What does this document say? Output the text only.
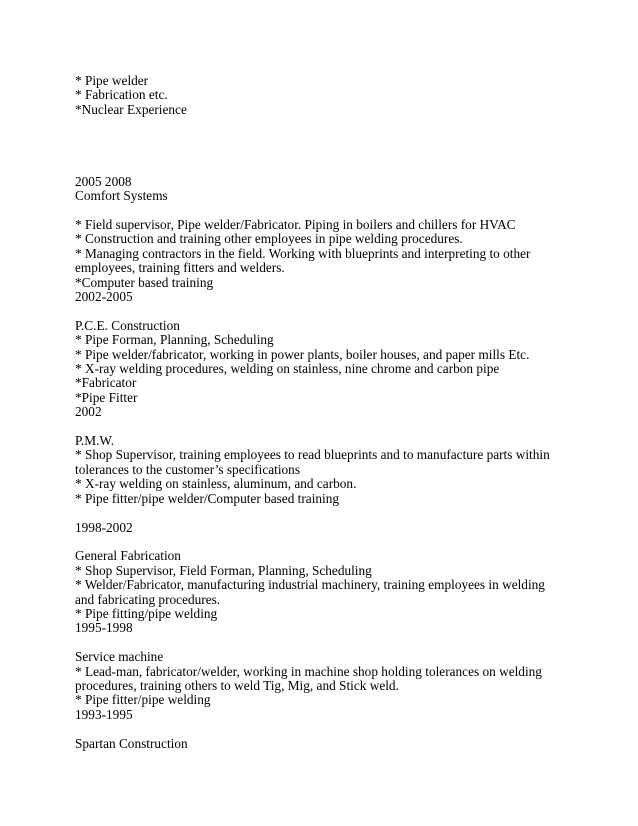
* Pipe welder
* Fabrication etc.
*Nuclear Experience
2005 2008
Comfort Systems
* Field supervisor, Pipe welder/Fabricator. Piping in boilers and chillers for HVAC
* Construction and training other employees in pipe welding procedures.
* Managing contractors in the field. Working with blueprints and interpreting to other employees, training fitters and welders.
*Computer based training
2002-2005
P.C.E. Construction
* Pipe Forman, Planning, Scheduling
* Pipe welder/fabricator, working in power plants, boiler houses, and paper mills Etc.
* X-ray welding procedures, welding on stainless, nine chrome and carbon pipe
*Fabricator
*Pipe Fitter
2002
P.M.W.
* Shop Supervisor, training employees to read blueprints and to manufacture parts within tolerances to the customer’s specifications
* X-ray welding on stainless, aluminum, and carbon.
* Pipe fitter/pipe welder/Computer based training
1998-2002
General Fabrication
* Shop Supervisor, Field Forman, Planning, Scheduling
* Welder/Fabricator, manufacturing industrial machinery, training employees in welding and fabricating procedures.
* Pipe fitting/pipe welding
1995-1998
Service machine
* Lead-man, fabricator/welder, working in machine shop holding tolerances on welding procedures, training others to weld Tig, Mig, and Stick weld.
* Pipe fitter/pipe welding
1993-1995
Spartan Construction
